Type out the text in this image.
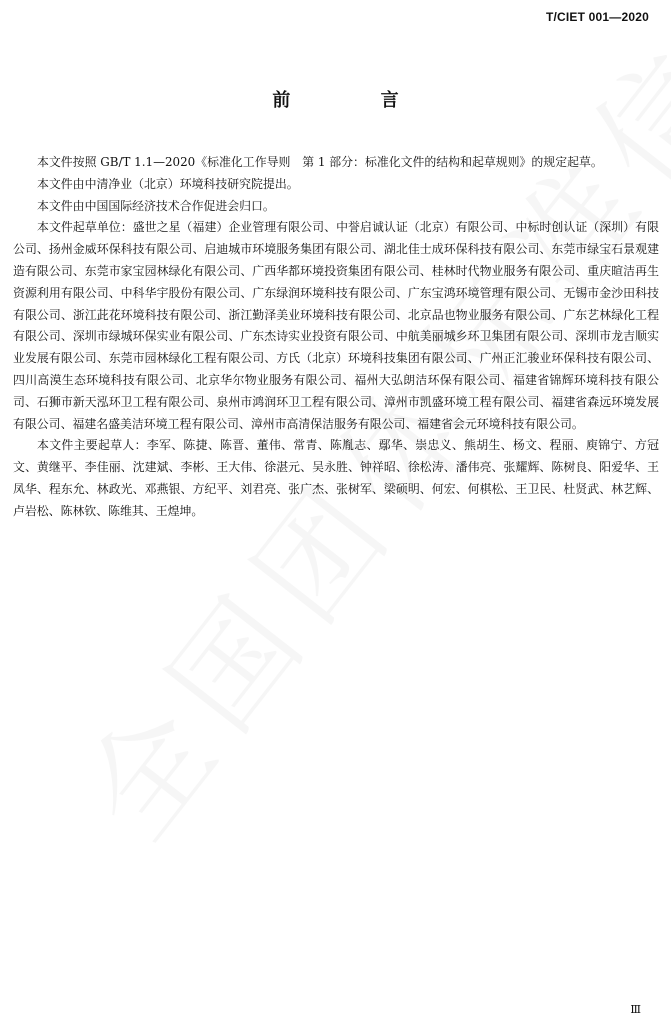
T/CIET 001—2020
前 言

本文件按照 GB/T 1.1—2020《标准化工作导则　第 1 部分：标准化文件的结构和起草规则》的规定起草。

本文件由中清净业（北京）环境科技研究院提出。

本文件由中国国际经济技术合作促进会归口。

本文件起草单位：盛世之星（福建）企业管理有限公司、中誉启诚认证（北京）有限公司、中标时创认证（深圳）有限公司、扬州金威环保科技有限公司、启迪城市环境服务集团有限公司、湖北佳士成环保科技有限公司、东莞市绿宝石景观建造有限公司、东莞市家宝园林绿化有限公司、广西华都环境投资集团有限公司、桂林时代物业服务有限公司、重庆暄洁再生资源利用有限公司、中科华宇股份有限公司、广东绿润环境科技有限公司、广东宝鸿环境管理有限公司、无锡市金沙田科技有限公司、浙江茈花环境科技有限公司、浙江勤泽美业环境科技有限公司、北京品也物业服务有限公司、广东艺林绿化工程有限公司、深圳市绿城环保实业有限公司、广东杰诗实业投资有限公司、中航美丽城乡环卫集团有限公司、深圳市龙吉顺实业发展有限公司、东莞市园林绿化工程有限公司、方氏（北京）环境科技集团有限公司、广州正汇骏业环保科技有限公司、四川高漠生态环境科技有限公司、北京华尔物业服务有限公司、福州大弘朗洁环保有限公司、福建省锦辉环境科技有限公司、石狮市新天泓环卫工程有限公司、泉州市鸿润环卫工程有限公司、漳州市凯盛环境工程有限公司、福建省森远环境发展有限公司、福建名盛美洁环境工程有限公司、漳州市高清保洁服务有限公司、福建省会元环境科技有限公司。

本文件主要起草人：李军、陈捷、陈晋、董伟、常青、陈胤志、鄢华、崇忠义、熊胡生、杨文、程丽、庾锦宁、方冠文、黄继平、李佳丽、沈建斌、李彬、王大伟、徐湛元、吴永胜、钟祥昭、徐松涛、潘伟亮、张耀辉、陈树良、阳爱华、王凤华、程东允、林政光、邓燕银、方纪平、刘君亮、张广杰、张树军、梁硕明、何宏、何棋松、王卫民、杜贤武、林艺辉、卢岩松、陈林钦、陈维其、王煌坤。

Ⅲ
